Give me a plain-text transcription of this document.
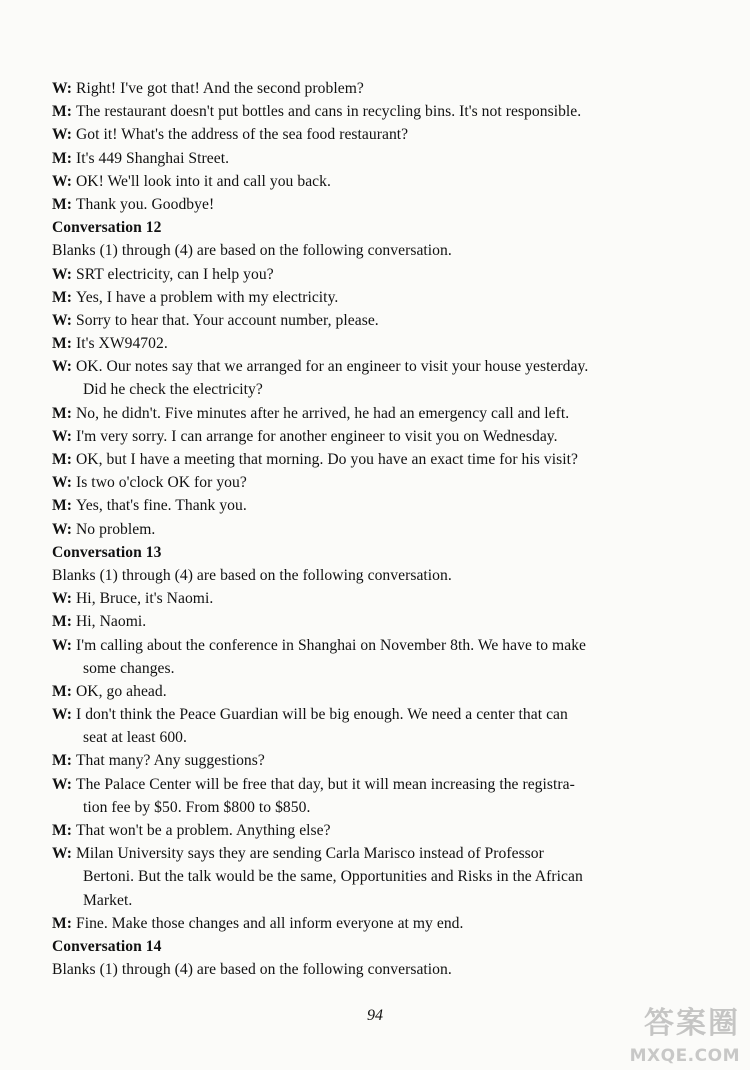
W: Right! I've got that! And the second problem?
M: The restaurant doesn't put bottles and cans in recycling bins. It's not responsible.
W: Got it! What's the address of the sea food restaurant?
M: It's 449 Shanghai Street.
W: OK! We'll look into it and call you back.
M: Thank you. Goodbye!
Conversation 12
Blanks (1) through (4) are based on the following conversation.
W: SRT electricity, can I help you?
M: Yes, I have a problem with my electricity.
W: Sorry to hear that. Your account number, please.
M: It's XW94702.
W: OK. Our notes say that we arranged for an engineer to visit your house yesterday.
Did he check the electricity?
M: No, he didn't. Five minutes after he arrived, he had an emergency call and left.
W: I'm very sorry. I can arrange for another engineer to visit you on Wednesday.
M: OK, but I have a meeting that morning. Do you have an exact time for his visit?
W: Is two o'clock OK for you?
M: Yes, that's fine. Thank you.
W: No problem.
Conversation 13
Blanks (1) through (4) are based on the following conversation.
W: Hi, Bruce, it's Naomi.
M: Hi, Naomi.
W: I'm calling about the conference in Shanghai on November 8th. We have to make
some changes.
M: OK, go ahead.
W: I don't think the Peace Guardian will be big enough. We need a center that can
seat at least 600.
M: That many? Any suggestions?
W: The Palace Center will be free that day, but it will mean increasing the registra-
tion fee by $50. From $800 to $850.
M: That won't be a problem. Anything else?
W: Milan University says they are sending Carla Marisco instead of Professor
Bertoni. But the talk would be the same, Opportunities and Risks in the African
Market.
M: Fine. Make those changes and all inform everyone at my end.
Conversation 14
Blanks (1) through (4) are based on the following conversation.
94	答案圈
MXQE.COM
